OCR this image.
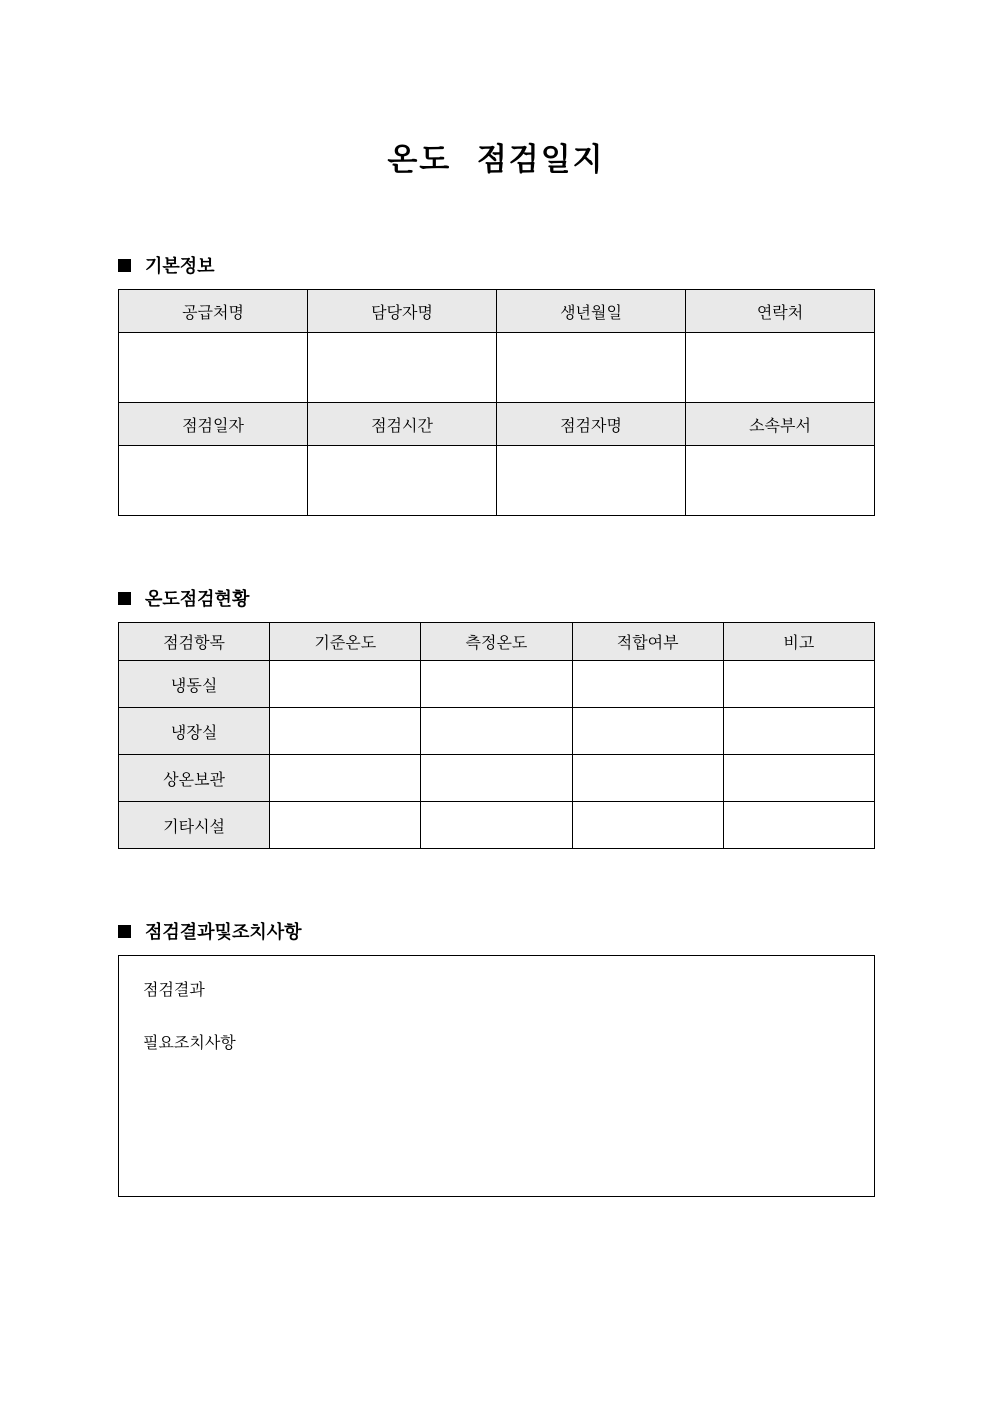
온도  점검일지
기본정보
공급처명	담당자명	생년월일	연락처

점검일자	점검시간	점검자명	소속부서

온도점검현황
점검항목	기준온도	측정온도	적합여부	비고
냉동실				
냉장실				
상온보관				
기타시설				
점검결과및조치사항
점검결과
필요조치사항
